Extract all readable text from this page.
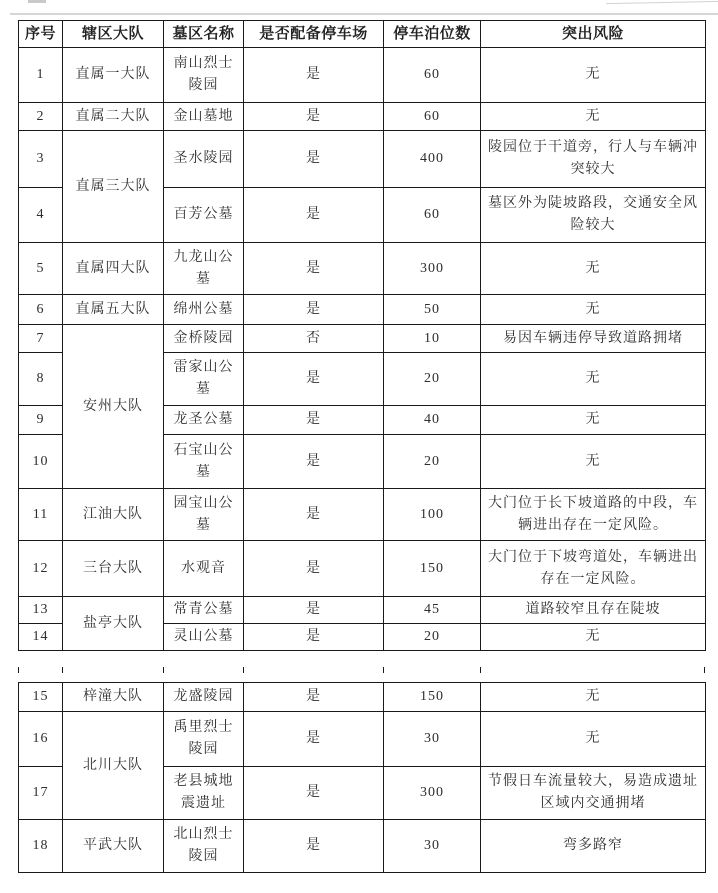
序号	辖区大队	墓区名称	是否配备停车场	停车泊位数	突出风险
1	直属一大队	南山烈士陵园	是	60	无
2	直属二大队	金山墓地	是	60	无
3	直属三大队	圣水陵园	是	400	陵园位于干道旁，行人与车辆冲突较大
4		百芳公墓	是	60	墓区外为陡坡路段，交通安全风险较大
5	直属四大队	九龙山公墓	是	300	无
6	直属五大队	绵州公墓	是	50	无
7	安州大队	金桥陵园	否	10	易因车辆违停导致道路拥堵
8		雷家山公墓	是	20	无
9		龙圣公墓	是	40	无
10		石宝山公墓	是	20	无
11	江油大队	园宝山公墓	是	100	大门位于长下坡道路的中段，车辆进出存在一定风险。
12	三台大队	水观音	是	150	大门位于下坡弯道处，车辆进出存在一定风险。
13	盐亭大队	常青公墓	是	45	道路较窄且存在陡坡
14		灵山公墓	是	20	无
15	梓潼大队	龙盛陵园	是	150	无
16	北川大队	禹里烈士陵园	是	30	无
17		老县城地震遗址	是	300	节假日车流量较大，易造成遗址区域内交通拥堵
18	平武大队	北山烈士陵园	是	30	弯多路窄
